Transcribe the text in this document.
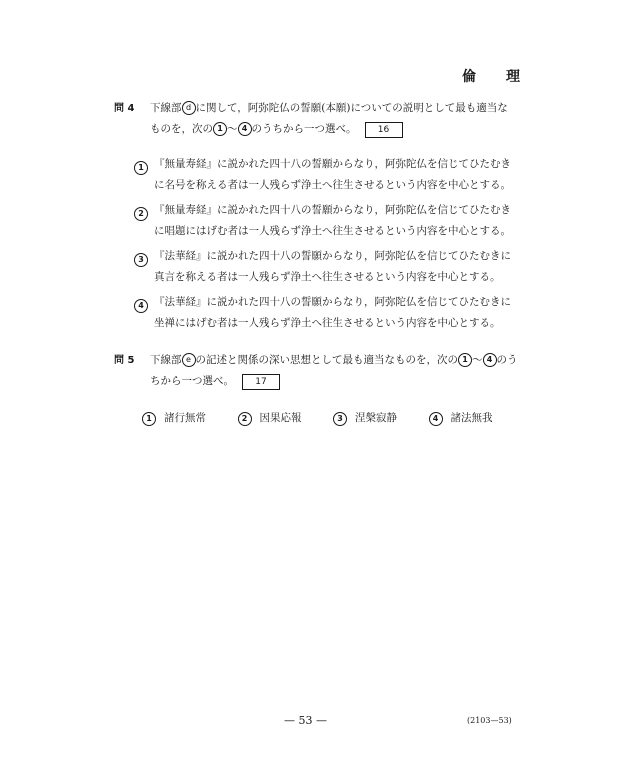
倫　理
問 4	下線部 d に関して，阿弥陀仏の誓願(本願)についての説明として最も適当な
ものを，次の 1 ～ 4 のうちから一つ選べ。 16
1 『無量寿経』に説かれた四十八の誓願からなり，阿弥陀仏を信じてひたむき
に名号を称える者は一人残らず浄土へ往生させるという内容を中心とする。
2 『無量寿経』に説かれた四十八の誓願からなり，阿弥陀仏を信じてひたむき
に唱題にはげむ者は一人残らず浄土へ往生させるという内容を中心とする。
3 『法華経』に説かれた四十八の誓願からなり，阿弥陀仏を信じてひたむきに
真言を称える者は一人残らず浄土へ往生させるという内容を中心とする。
4 『法華経』に説かれた四十八の誓願からなり，阿弥陀仏を信じてひたむきに
坐禅にはげむ者は一人残らず浄土へ往生させるという内容を中心とする。
問 5	下線部 e の記述と関係の深い思想として最も適当なものを，次の 1 ～ 4 のう
ちから一つ選べ。 17
1	諸行無常	2	因果応報	3	涅槃寂静	4	諸法無我
— 53 —	(2103—53)
